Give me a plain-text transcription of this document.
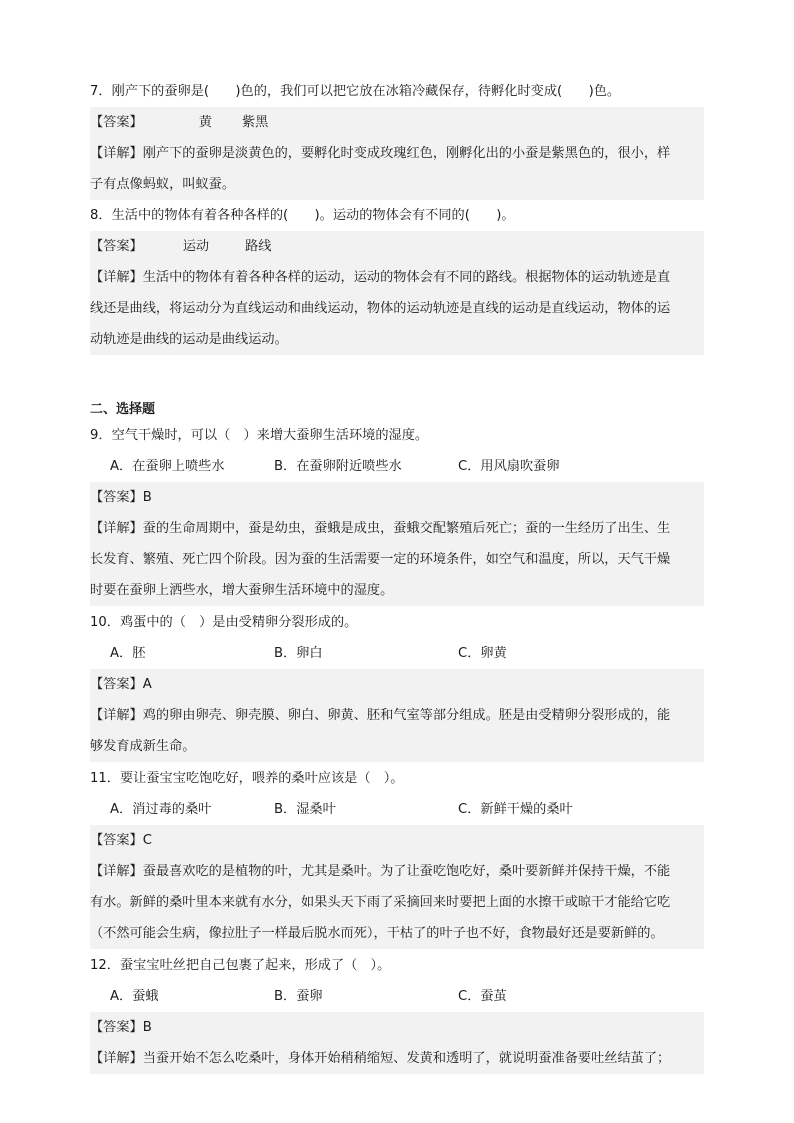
7．刚产下的蚕卵是(　　)色的，我们可以把它放在冰箱冷藏保存，待孵化时变成(　　)色。
【答案】	黄 紫黑
【详解】刚产下的蚕卵是淡黄色的，要孵化时变成玫瑰红色，刚孵化出的小蚕是紫黑色的，很小，样
子有点像蚂蚁，叫蚁蚕。
8．生活中的物体有着各种各样的(　　)。运动的物体会有不同的(　　)。
【答案】	运动	路线
【详解】生活中的物体有着各种各样的运动，运动的物体会有不同的路线。根据物体的运动轨迹是直
线还是曲线，将运动分为直线运动和曲线运动，物体的运动轨迹是直线的运动是直线运动，物体的运
动轨迹是曲线的运动是曲线运动。
二、选择题
9．空气干燥时，可以（　）来增大蚕卵生活环境的湿度。
A．在蚕卵上喷些水	B．在蚕卵附近喷些水	C．用风扇吹蚕卵
【答案】B
【详解】蚕的生命周期中，蚕是幼虫，蚕蛾是成虫，蚕蛾交配繁殖后死亡；蚕的一生经历了出生、生
长发育、繁殖、死亡四个阶段。因为蚕的生活需要一定的环境条件，如空气和温度，所以，天气干燥
时要在蚕卵上洒些水，增大蚕卵生活环境中的湿度。
10．鸡蛋中的（　）是由受精卵分裂形成的。
A．胚	B．卵白	C．卵黄
【答案】A
【详解】鸡的卵由卵壳、卵壳膜、卵白、卵黄、胚和气室等部分组成。胚是由受精卵分裂形成的，能
够发育成新生命。
11．要让蚕宝宝吃饱吃好，喂养的桑叶应该是（　）。
A．消过毒的桑叶	B．湿桑叶	C．新鲜干燥的桑叶
【答案】C
【详解】蚕最喜欢吃的是植物的叶，尤其是桑叶。为了让蚕吃饱吃好，桑叶要新鲜并保持干燥，不能
有水。新鲜的桑叶里本来就有水分，如果头天下雨了采摘回来时要把上面的水擦干或晾干才能给它吃
（不然可能会生病，像拉肚子一样最后脱水而死），干枯了的叶子也不好，食物最好还是要新鲜的。
12．蚕宝宝吐丝把自己包裹了起来，形成了（　）。
A．蚕蛾	B．蚕卵	C．蚕茧
【答案】B
【详解】当蚕开始不怎么吃桑叶，身体开始稍稍缩短、发黄和透明了，就说明蚕准备要吐丝结茧了；
